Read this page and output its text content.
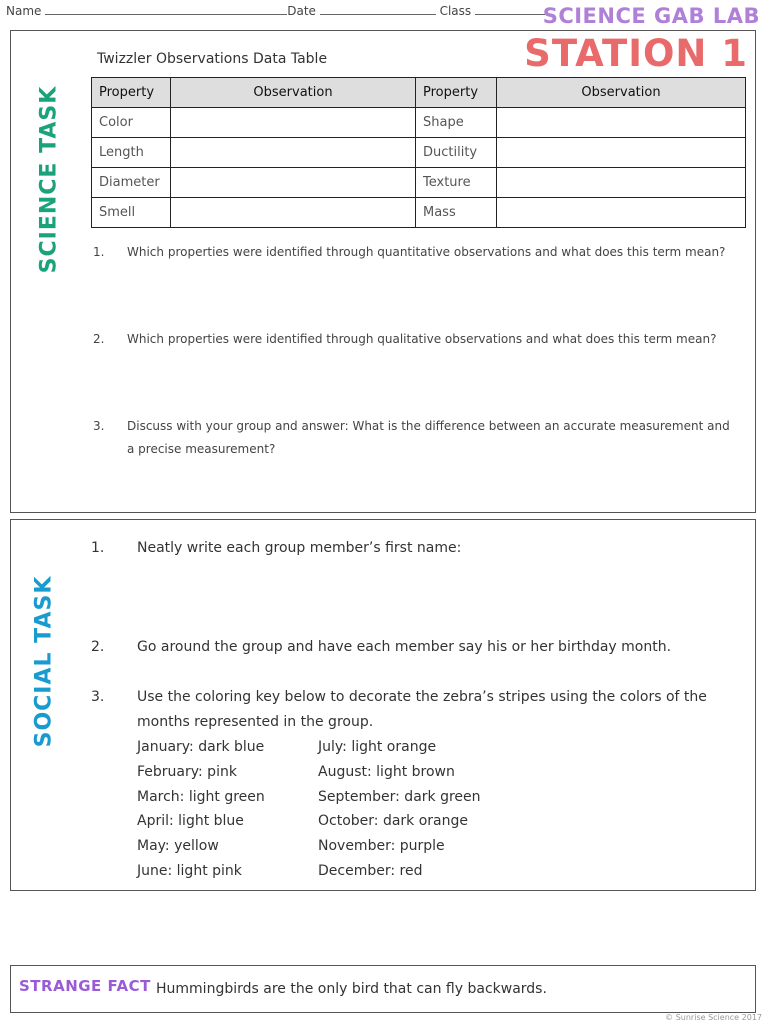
Name	Date	Class	SCIENCE GAB LAB
SCIENCE TASK
Twizzler Observations Data Table
Property	Observation	Property	Observation
Color		Shape	
Length		Ductility	
Diameter		Texture	
Smell		Mass	
1. Which properties were identified through quantitative observations and what does this term mean?
2. Which properties were identified through qualitative observations and what does this term mean?
3. Discuss with your group and answer: What is the difference between an accurate measurement and a precise measurement?
STATION 1
SOCIAL TASK
1. Neatly write each group member’s first name:
2. Go around the group and have each member say his or her birthday month.
3. Use the coloring key below to decorate the zebra’s stripes using the colors of the months represented in the group.
January: dark blue
February: pink
March: light green
April: light blue
May: yellow
June: light pink
July: light orange
August: light brown
September: dark green
October: dark orange
November: purple
December: red
STRANGE FACT Hummingbirds are the only bird that can fly backwards.
© Sunrise Science 2017
